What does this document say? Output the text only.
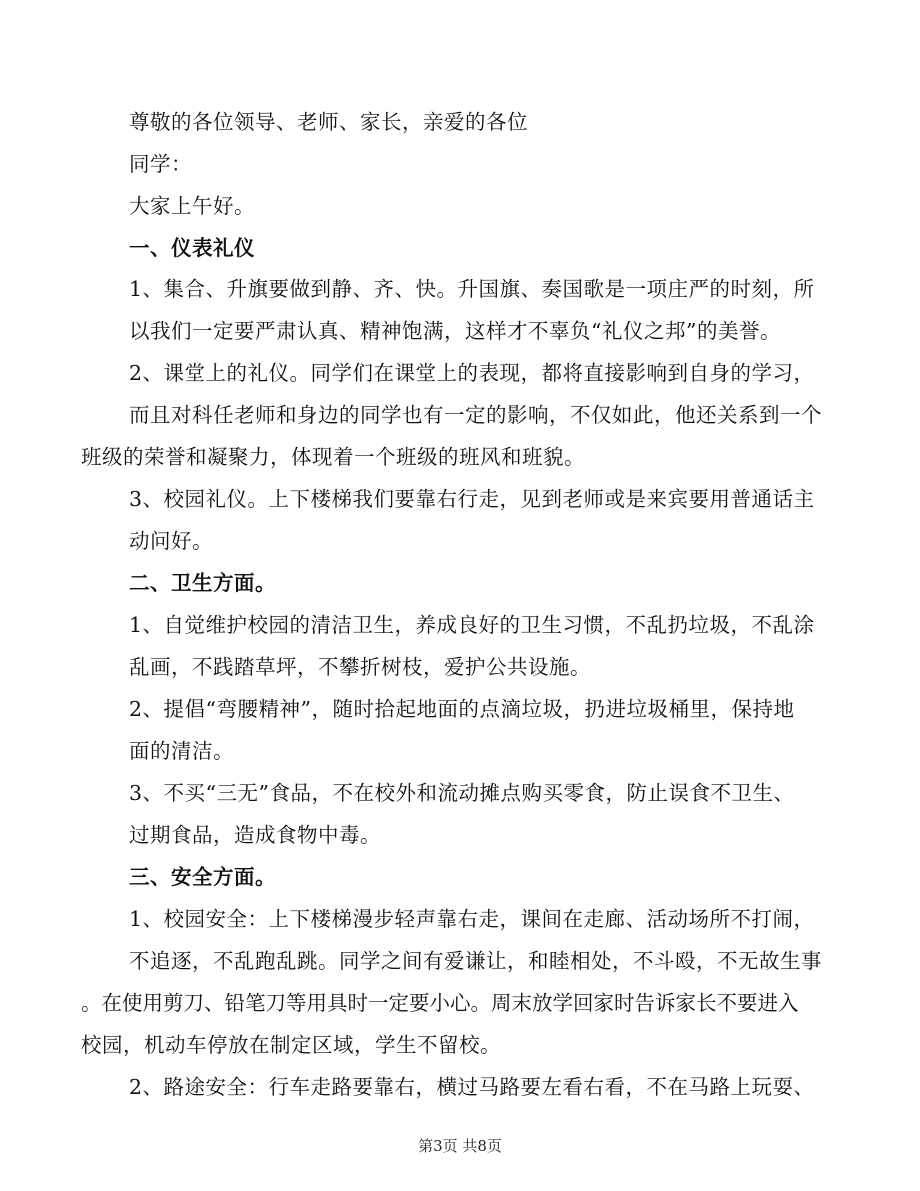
尊敬的各位领导、老师、家长，亲爱的各位
同学：
大家上午好。
一、仪表礼仪
1、集合、升旗要做到静、齐、快。升国旗、奏国歌是一项庄严的时刻，所
以我们一定要严肃认真、精神饱满，这样才不辜负“礼仪之邦”的美誉。
2、课堂上的礼仪。同学们在课堂上的表现，都将直接影响到自身的学习，
而且对科任老师和身边的同学也有一定的影响，不仅如此，他还关系到一个
班级的荣誉和凝聚力，体现着一个班级的班风和班貌。
3、校园礼仪。上下楼梯我们要靠右行走，见到老师或是来宾要用普通话主
动问好。
二、卫生方面。
1、自觉维护校园的清洁卫生，养成良好的卫生习惯，不乱扔垃圾，不乱涂
乱画，不践踏草坪，不攀折树枝，爱护公共设施。
2、提倡“弯腰精神”，随时拾起地面的点滴垃圾，扔进垃圾桶里，保持地
面的清洁。
3、不买“三无”食品，不在校外和流动摊点购买零食，防止误食不卫生、
过期食品，造成食物中毒。
三、安全方面。
1、校园安全：上下楼梯漫步轻声靠右走，课间在走廊、活动场所不打闹，
不追逐，不乱跑乱跳。同学之间有爱谦让，和睦相处，不斗殴，不无故生事
。在使用剪刀、铅笔刀等用具时一定要小心。周末放学回家时告诉家长不要进入
校园，机动车停放在制定区域，学生不留校。
2、路途安全：行车走路要靠右，横过马路要左看右看，不在马路上玩耍、
第3页 共8页
